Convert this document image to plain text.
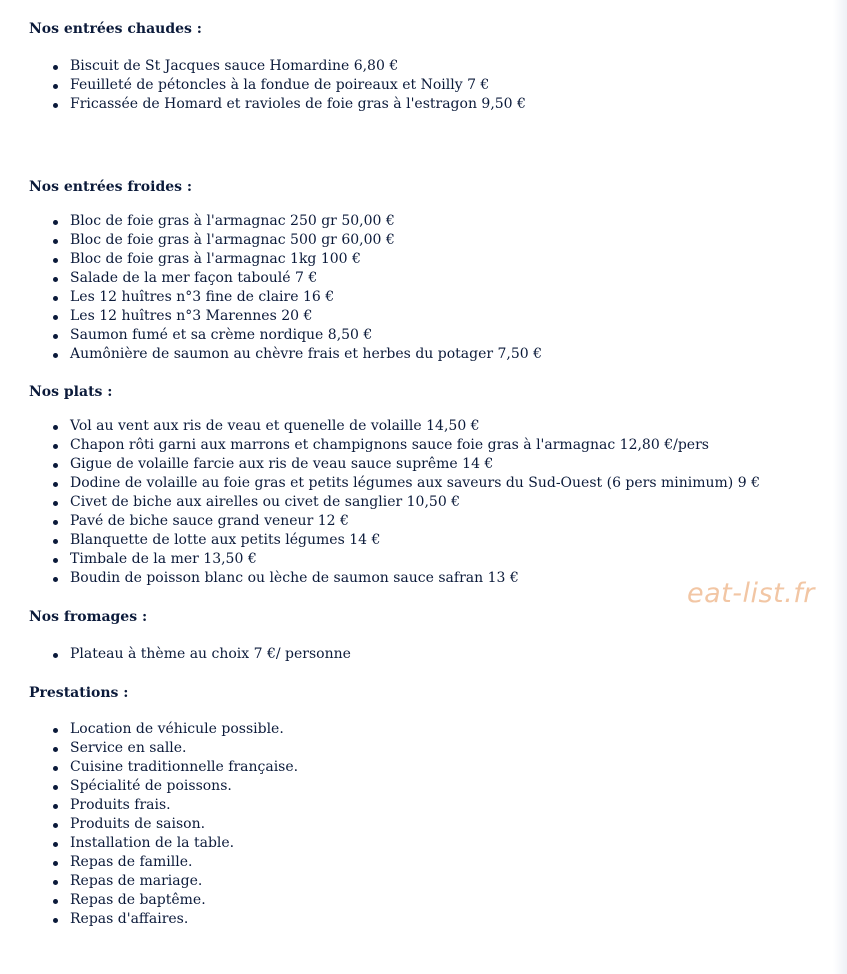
Nos entrées chaudes :

Biscuit de St Jacques sauce Homardine 6,80 €
Feuilleté de pétoncles à la fondue de poireaux et Noilly 7 €
Fricassée de Homard et ravioles de foie gras à l'estragon 9,50 €

Nos entrées froides :

Bloc de foie gras à l'armagnac 250 gr 50,00 €
Bloc de foie gras à l'armagnac 500 gr 60,00 €
Bloc de foie gras à l'armagnac 1kg 100 €
Salade de la mer façon taboulé 7 €
Les 12 huîtres n°3 fine de claire 16 €
Les 12 huîtres n°3 Marennes 20 €
Saumon fumé et sa crème nordique 8,50 €
Aumônière de saumon au chèvre frais et herbes du potager 7,50 €

Nos plats :

Vol au vent aux ris de veau et quenelle de volaille 14,50 €
Chapon rôti garni aux marrons et champignons sauce foie gras à l'armagnac 12,80 €/pers
Gigue de volaille farcie aux ris de veau sauce suprême 14 €
Dodine de volaille au foie gras et petits légumes aux saveurs du Sud-Ouest (6 pers minimum) 9 €
Civet de biche aux airelles ou civet de sanglier 10,50 €
Pavé de biche sauce grand veneur 12 €
Blanquette de lotte aux petits légumes 14 €
Timbale de la mer 13,50 €
Boudin de poisson blanc ou lèche de saumon sauce safran 13 €

Nos fromages :

Plateau à thème au choix 7 €/ personne

Prestations :

Location de véhicule possible.
Service en salle.
Cuisine traditionnelle française.
Spécialité de poissons.
Produits frais.
Produits de saison.
Installation de la table.
Repas de famille.
Repas de mariage.
Repas de baptême.
Repas d'affaires.
eat-list.fr
